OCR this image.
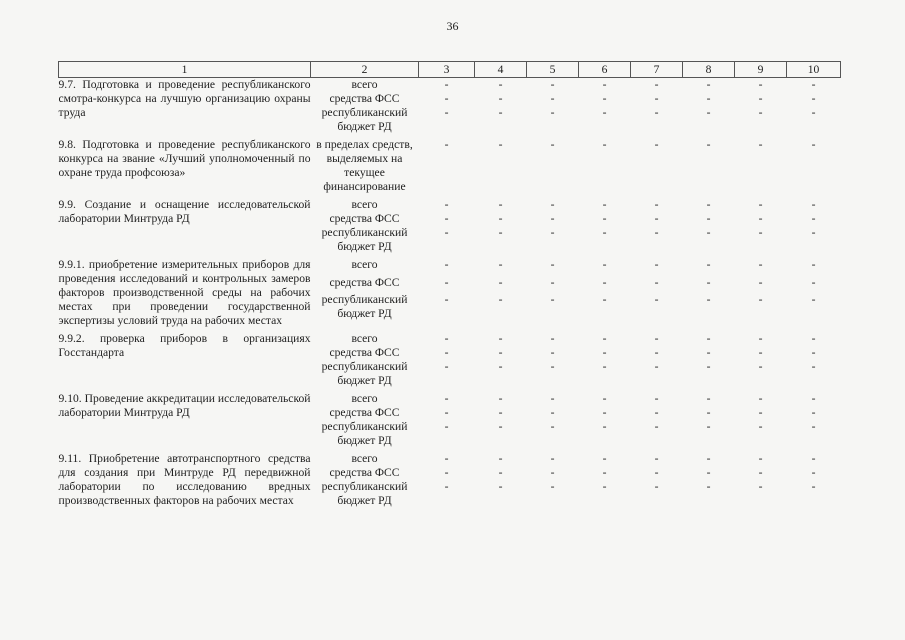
36
1	2	3	4	5	6	7	8	9	10
9.7. Подготовка и проведение республиканского смотра-конкурса на лучшую организацию охраны труда	всего	-	-	-	-	-	-	-	-
	средства ФСС	-	-	-	-	-	-	-	-
	республиканский бюджет РД	-	-	-	-	-	-	-	-

9.8. Подготовка и проведение республиканского конкурса на звание «Лучший уполномоченный по охране труда профсоюза»	в пределах средств, выделяемых на текущее финансирование	-	-	-	-	-	-	-	-

9.9. Создание и оснащение исследовательской лаборатории Минтруда РД	всего	-	-	-	-	-	-	-	-
	средства ФСС	-	-	-	-	-	-	-	-
	республиканский бюджет РД	-	-	-	-	-	-	-	-

9.9.1. приобретение измерительных приборов для проведения исследований и контрольных замеров факторов производственной среды на рабочих местах при проведении государственной экспертизы условий труда на рабочих местах	всего	-	-	-	-	-	-	-	-
	средства ФСС	-	-	-	-	-	-	-	-
	республиканский бюджет РД	-	-	-	-	-	-	-	-

9.9.2. проверка приборов в организациях Госстандарта	всего	-	-	-	-	-	-	-	-
	средства ФСС	-	-	-	-	-	-	-	-
	республиканский бюджет РД	-	-	-	-	-	-	-	-

9.10. Проведение аккредитации исследовательской лаборатории Минтруда РД	всего	-	-	-	-	-	-	-	-
	средства ФСС	-	-	-	-	-	-	-	-
	республиканский бюджет РД	-	-	-	-	-	-	-	-

9.11. Приобретение автотранспортного средства для создания при Минтруде РД передвижной лаборатории по исследованию вредных производственных факторов на рабочих местах	всего	-	-	-	-	-	-	-	-
	средства ФСС	-	-	-	-	-	-	-	-
	республиканский бюджет РД	-	-	-	-	-	-	-	-
